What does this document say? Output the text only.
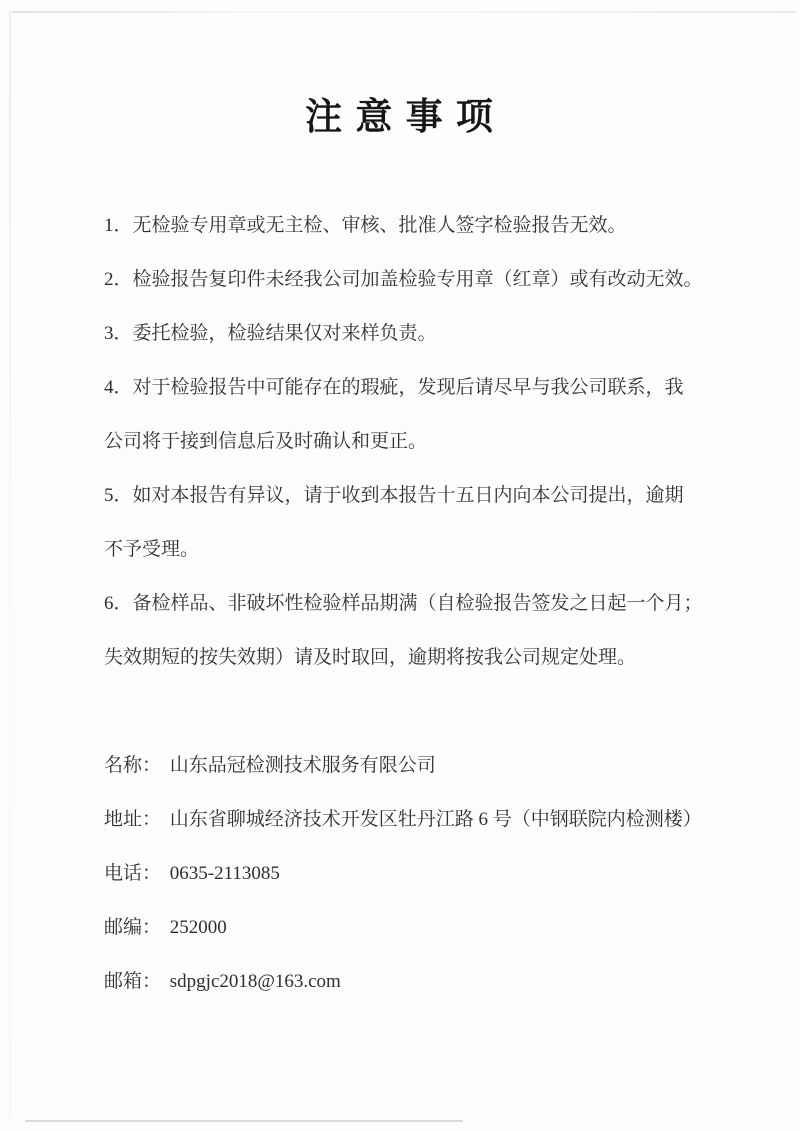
注 意 事 项

1．无检验专用章或无主检、审核、批准人签字检验报告无效。

2．检验报告复印件未经我公司加盖检验专用章（红章）或有改动无效。

3．委托检验，检验结果仅对来样负责。

4．对于检验报告中可能存在的瑕疵，发现后请尽早与我公司联系，我

公司将于接到信息后及时确认和更正。

5．如对本报告有异议，请于收到本报告十五日内向本公司提出，逾期

不予受理。

6．备检样品、非破坏性检验样品期满（自检验报告签发之日起一个月；

失效期短的按失效期）请及时取回，逾期将按我公司规定处理。

名称： 山东品冠检测技术服务有限公司

地址： 山东省聊城经济技术开发区牡丹江路 6 号（中钢联院内检测楼）

电话： 0635-2113085

邮编： 252000

邮箱： sdpgjc2018@163.com
